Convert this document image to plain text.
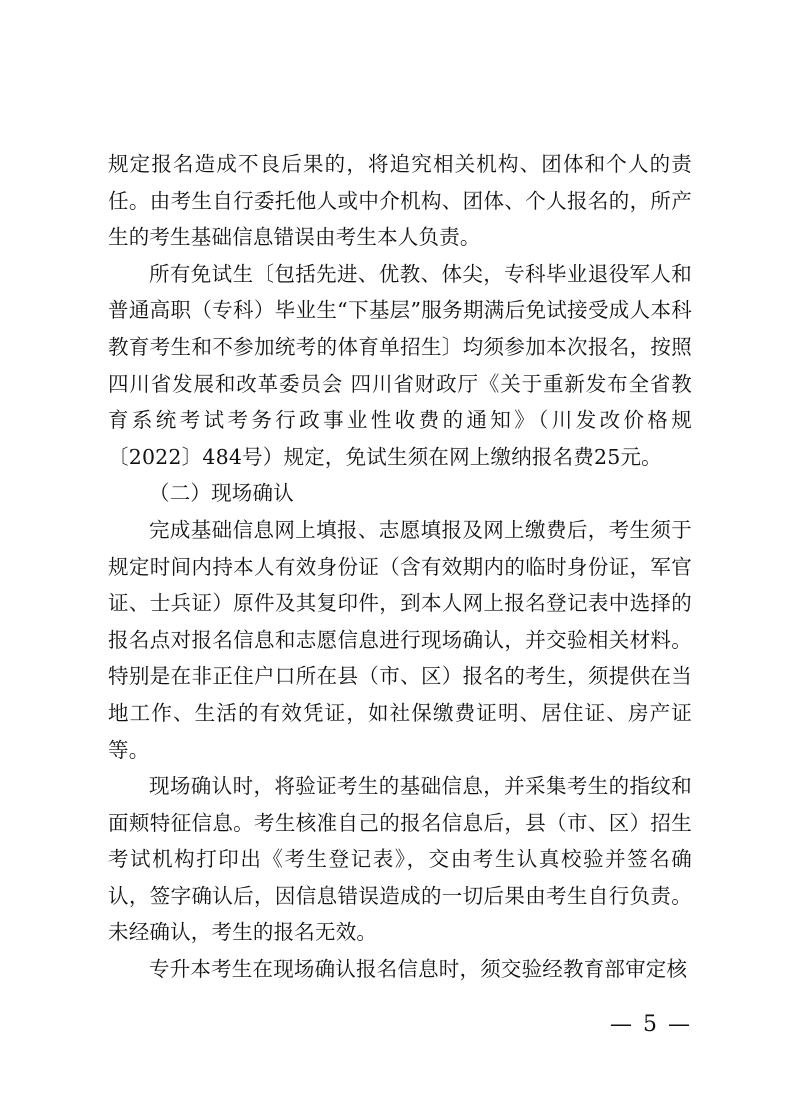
规定报名造成不良后果的，将追究相关机构、团体和个人的责任。由考生自行委托他人或中介机构、团体、个人报名的，所产生的考生基础信息错误由考生本人负责。

所有免试生〔包括先进、优教、体尖，专科毕业退役军人和普通高职（专科）毕业生“下基层”服务期满后免试接受成人本科教育考生和不参加统考的体育单招生〕均须参加本次报名，按照四川省发展和改革委员会 四川省财政厅《关于重新发布全省教育系统考试考务行政事业性收费的通知》（川发改价格规〔2022〕484号）规定，免试生须在网上缴纳报名费25元。

（二）现场确认

完成基础信息网上填报、志愿填报及网上缴费后，考生须于规定时间内持本人有效身份证（含有效期内的临时身份证，军官证、士兵证）原件及其复印件，到本人网上报名登记表中选择的报名点对报名信息和志愿信息进行现场确认，并交验相关材料。特别是在非正住户口所在县（市、区）报名的考生，须提供在当地工作、生活的有效凭证，如社保缴费证明、居住证、房产证等。

现场确认时，将验证考生的基础信息，并采集考生的指纹和面颊特征信息。考生核准自己的报名信息后，县（市、区）招生考试机构打印出《考生登记表》，交由考生认真校验并签名确认，签字确认后，因信息错误造成的一切后果由考生自行负责。未经确认，考生的报名无效。

专升本考生在现场确认报名信息时，须交验经教育部审定核

— 5 —
